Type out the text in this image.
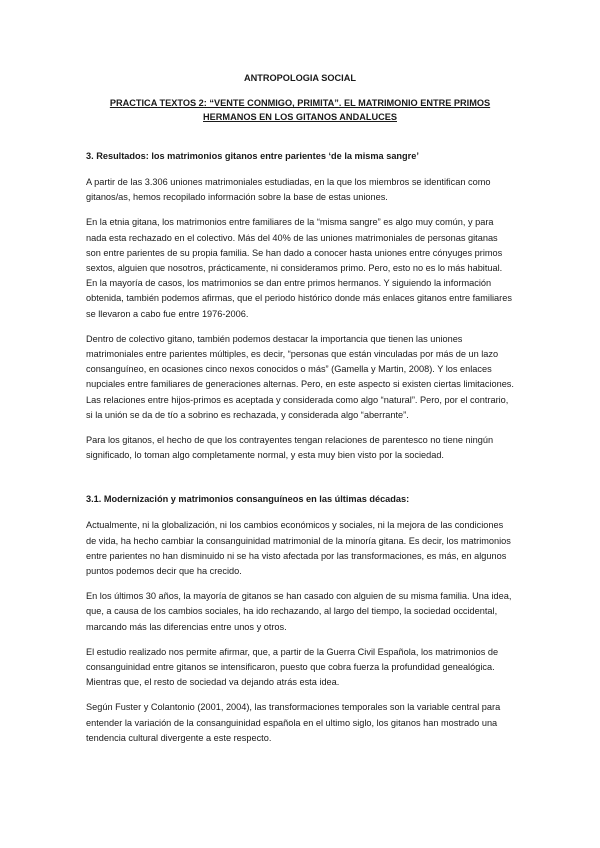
ANTROPOLOGIA SOCIAL
PRACTICA TEXTOS 2: “VENTE CONMIGO, PRIMITA”. EL MATRIMONIO ENTRE PRIMOS HERMANOS EN LOS GITANOS ANDALUCES
3. Resultados: los matrimonios gitanos entre parientes ‘de la misma sangre’

A partir de las 3.306 uniones matrimoniales estudiadas, en la que los miembros se identifican como gitanos/as, hemos recopilado información sobre la base de estas uniones.

En la etnia gitana, los matrimonios entre familiares de la “misma sangre” es algo muy común, y para nada esta rechazado en el colectivo. Más del 40% de las uniones matrimoniales de personas gitanas son entre parientes de su propia familia. Se han dado a conocer hasta uniones entre cónyuges primos sextos, alguien que nosotros, prácticamente, ni consideramos primo. Pero, esto no es lo más habitual. En la mayoría de casos, los matrimonios se dan entre primos hermanos. Y siguiendo la información obtenida, también podemos afirmas, que el periodo histórico donde más enlaces gitanos entre familiares se llevaron a cabo fue entre 1976-2006.

Dentro de colectivo gitano, también podemos destacar la importancia que tienen las uniones matrimoniales entre parientes múltiples, es decir, “personas que están vinculadas por más de un lazo consanguíneo, en ocasiones cinco nexos conocidos o más” (Gamella y Martin, 2008). Y los enlaces nupciales entre familiares de generaciones alternas. Pero, en este aspecto si existen ciertas limitaciones. Las relaciones entre hijos-primos es aceptada y considerada como algo “natural”. Pero, por el contrario, si la unión se da de tío a sobrino es rechazada, y considerada algo “aberrante”.

Para los gitanos, el hecho de que los contrayentes tengan relaciones de parentesco no tiene ningún significado, lo toman algo completamente normal, y esta muy bien visto por la sociedad.

3.1. Modernización y matrimonios consanguíneos en las últimas décadas:

Actualmente, ni la globalización, ni los cambios económicos y sociales, ni la mejora de las condiciones de vida, ha hecho cambiar la consanguinidad matrimonial de la minoría gitana. Es decir, los matrimonios entre parientes no han disminuido ni se ha visto afectada por las transformaciones, es más, en algunos puntos podemos decir que ha crecido.

En los últimos 30 años, la mayoría de gitanos se han casado con alguien de su misma familia. Una idea, que, a causa de los cambios sociales, ha ido rechazando, al largo del tiempo, la sociedad occidental, marcando más las diferencias entre unos y otros.

El estudio realizado nos permite afirmar, que, a partir de la Guerra Civil Española, los matrimonios de consanguinidad entre gitanos se intensificaron, puesto que cobra fuerza la profundidad genealógica. Mientras que, el resto de sociedad va dejando atrás esta idea.

Según Fuster y Colantonio (2001, 2004), las transformaciones temporales son la variable central para entender la variación de la consanguinidad española en el ultimo siglo, los gitanos han mostrado una tendencia cultural divergente a este respecto.
